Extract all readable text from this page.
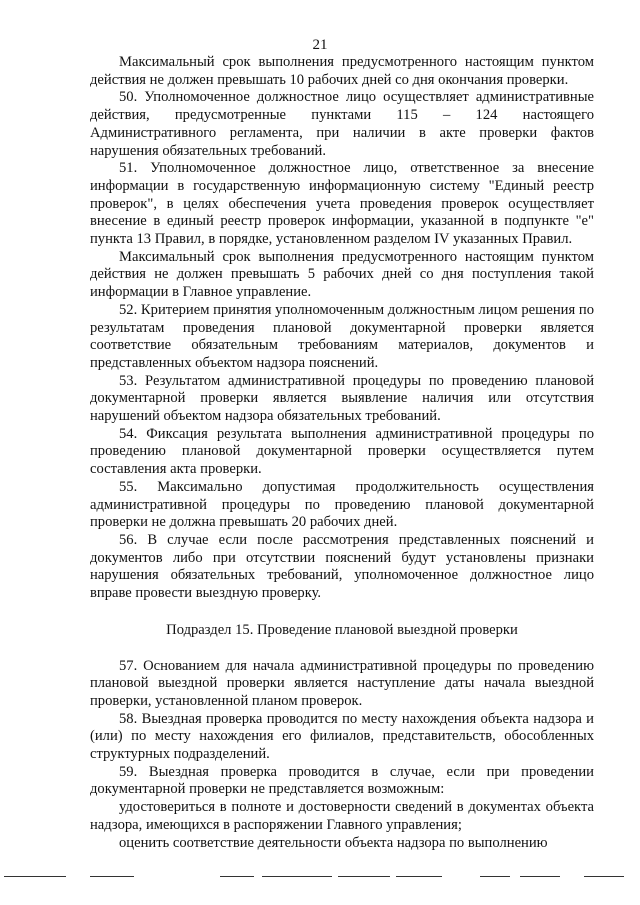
21

Максимальный срок выполнения предусмотренного настоящим пунктом действия не должен превышать 10 рабочих дней со дня окончания проверки.

50. Уполномоченное должностное лицо осуществляет административные действия, предусмотренные пунктами 115 – 124 настоящего Административного регламента, при наличии в акте проверки фактов нарушения обязательных требований.

51. Уполномоченное должностное лицо, ответственное за внесение информации в государственную информационную систему "Единый реестр проверок", в целях обеспечения учета проведения проверок осуществляет внесение в единый реестр проверок информации, указанной в подпункте "е" пункта 13 Правил, в порядке, установленном разделом IV указанных Правил.

Максимальный срок выполнения предусмотренного настоящим пунктом действия не должен превышать 5 рабочих дней со дня поступления такой информации в Главное управление.

52. Критерием принятия уполномоченным должностным лицом решения по результатам проведения плановой документарной проверки является соответствие обязательным требованиям материалов, документов и представленных объектом надзора пояснений.

53. Результатом административной процедуры по проведению плановой документарной проверки является выявление наличия или отсутствия нарушений объектом надзора обязательных требований.

54. Фиксация результата выполнения административной процедуры по проведению плановой документарной проверки осуществляется путем составления акта проверки.

55. Максимально допустимая продолжительность осуществления административной процедуры по проведению плановой документарной проверки не должна превышать 20 рабочих дней.

56. В случае если после рассмотрения представленных пояснений и документов либо при отсутствии пояснений будут установлены признаки нарушения обязательных требований, уполномоченное должностное лицо вправе провести выездную проверку.

Подраздел 15. Проведение плановой выездной проверки

57. Основанием для начала административной процедуры по проведению плановой выездной проверки является наступление даты начала выездной проверки, установленной планом проверок.

58. Выездная проверка проводится по месту нахождения объекта надзора и (или) по месту нахождения его филиалов, представительств, обособленных структурных подразделений.

59. Выездная проверка проводится в случае, если при проведении документарной проверки не представляется возможным:

удостовериться в полноте и достоверности сведений в документах объекта надзора, имеющихся в распоряжении Главного управления;

оценить соответствие деятельности объекта надзора по выполнению
